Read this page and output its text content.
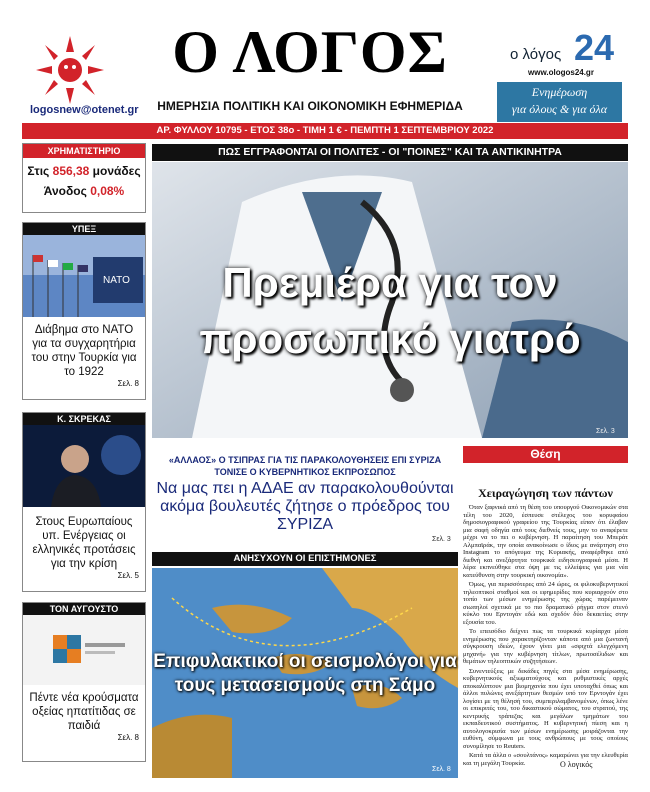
logosnew@otenet.gr
Ο ΛΟΓΟΣ
ΗΜΕΡΗΣΙΑ ΠΟΛΙΤΙΚΗ ΚΑΙ ΟΙΚΟΝΟΜΙΚΗ ΕΦΗΜΕΡΙΔΑ
ο λόγος 24
www.ologos24.gr
Ενημέρωση
για όλους & για όλα
ΑΡ. ΦΥΛΛΟΥ 10795 - ΕΤΟΣ 38ο - ΤΙΜΗ 1 € - ΠΕΜΠΤΗ 1 ΣΕΠΤΕΜΒΡΙΟΥ 2022
ΧΡΗΜΑΤΙΣΤΗΡΙΟ
Στις 856,38 μονάδες
Άνοδος 0,08%
ΥΠΕΞ
NATO
Διάβημα στο ΝΑΤΟ για τα συγχαρητήρια του στην Τουρκία για το 1922
Σελ. 8
Κ. ΣΚΡΕΚΑΣ
Στους Ευρωπαίους υπ. Ενέργειας οι ελληνικές προτάσεις για την κρίση
Σελ. 5
ΤΟΝ ΑΥΓΟΥΣΤΟ
Πέντε νέα κρούσματα οξείας ηπατίτιδας σε παιδιά
Σελ. 8
ΠΩΣ ΕΓΓΡΑΦΟΝΤΑΙ ΟΙ ΠΟΛΙΤΕΣ - ΟΙ "ΠΟΙΝΕΣ" ΚΑΙ ΤΑ ΑΝΤΙΚΙΝΗΤΡΑ
Πρεμιέρα για τον
προσωπικό γιατρό
Σελ. 3
«ΑΛΛΑΟΣ» Ο ΤΣΙΠΡΑΣ ΓΙΑ ΤΙΣ ΠΑΡΑΚΟΛΟΥΘΗΣΕΙΣ ΕΠΙ ΣΥΡΙΖΑ ΤΟΝΙΣΕ Ο ΚΥΒΕΡΝΗΤΙΚΟΣ ΕΚΠΡΟΣΩΠΟΣ
Να μας πει η ΑΔΑΕ αν παρακολουθούνται ακόμα βουλευτές ζήτησε ο πρόεδρος του ΣΥΡΙΖΑ
Σελ. 3
ΑΝΗΣΥΧΟΥΝ ΟΙ ΕΠΙΣΤΗΜΟΝΕΣ
Επιφυλακτικοί οι σεισμολόγοι για
τους μετασεισμούς στη Σάμο
Σελ. 8
Θέση
Χειραγώγηση των πάντων

Όταν ξαφνικά από τη θέση του υπουργού Οικονομικών στα τέλη του 2020, έσπευσε στέλεχος του κορυφαίου δημοσιογραφικού γραφείου της Τουρκίας είπαν ότι έλαβαν μια σαφή οδηγία από τους διεθνείς τους, μην το αναφέρετε μέχρι να το πει ο κυβέρνηση. Η παραίτηση του Μπεράτ Αλμπαϊράκ, την οποία ανακοίνωσε ο ίδιος με ανάρτηση στο Instagram το απόγευμα της Κυριακής, αναφέρθηκε από διεθνή και ανεξάρτητα τουρκικά ειδησεογραφικά μέσα. Η λέρα εκπνεύθηκε στα όψη με τις ελλείψεις για μια νέα κατεύθυνση στην τουρκική οικονομία».

Όμως, για περισσότερες από 24 ώρες, οι φιλοκυβερνητικοί τηλεοπτικοί σταθμοί και οι εφημερίδες που κυριαρχούν στο τοπίο των μέσων ενημέρωσης της χώρας παρέμειναν σιωπηλοί σχετικά με το πιο δραματικό ρήγμα στον στενό κύκλο του Ερντογάν εδώ και σχεδόν δύο δεκαετίες στην εξουσία του.

Το επεισόδιο δείχνει πως τα τουρκικά κυρίαρχα μέσα ενημέρωσης που χαρακτηρίζονταν κάποτε από μια ζωντανή σύγκρουση ιδεών, έχουν γίνει μια «σφιχτά ελεγχόμενη μηχανή» για την κυβέρνηση τίτλων, πρωτοσέλιδων και θεμάτων τηλεοπτικών συζητήσεων.

Συνεντεύξεις με δεκάδες πηγές στα μέσα ενημέρωσης, κυβερνητικούς αξιωματούχους και ρυθμιστικές αρχές αποκαλύπτουν μια βιομηχανία που έχει υποταχθεί όπως και άλλοι πυλώνες ανεξάρτητων θεσμών υπό τον Ερντογάν έχει λογίσει με τη θέλησή του, συμπεριλαμβανομένων, όπως λένε οι επικριτές του, του δικαστικού σώματος, του στρατού, της κεντρικής τράπεζας και μεγάλων τμημάτων του εκπαιδευτικού συστήματος. Η κυβερνητική πίεση και η αυτολογοκρισία των μέσων ενημέρωσης μοιράζονται την ευθύνη, σύμφωνα με τους ανθρώπους με τους οποίους συνομίλησε το Reuters.

Κατά τα άλλα ο «σουλτάνος» καμαρώνει για την ελευθερία και τη μεγάλη Τουρκία.	Ο λογικός
